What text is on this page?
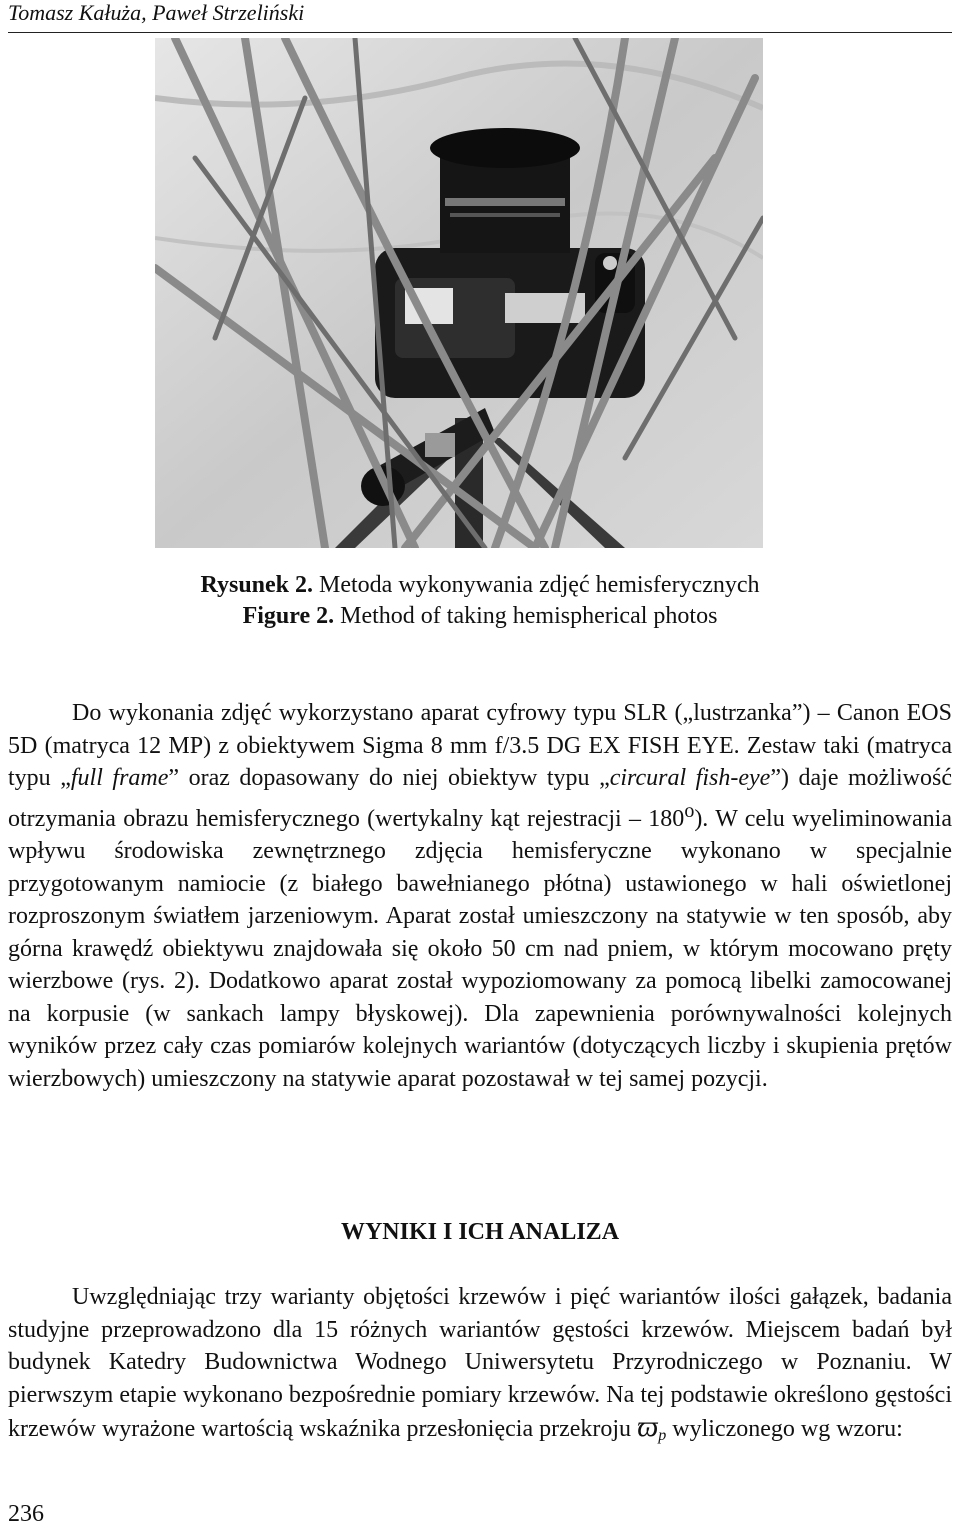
Tomasz Kałuża, Paweł Strzeliński
Rysunek 2. Metoda wykonywania zdjęć hemisferycznych
Figure 2. Method of taking hemispherical photos

Do wykonania zdjęć wykorzystano aparat cyfrowy typu SLR („lustrzanka”) – Canon EOS 5D (matryca 12 MP) z obiektywem Sigma 8 mm f/3.5 DG EX FISH EYE. Zestaw taki (matryca typu „full frame” oraz dopasowany do niej obiektyw typu „circural fish-eye”) daje możliwość otrzymania obrazu hemisferycznego (wertykalny kąt rejestracji – 180$^o$). W celu wyeliminowania wpływu środowiska zewnętrznego zdjęcia hemisferyczne wykonano w specjalnie przygotowanym namiocie (z białego bawełnianego płótna) ustawionego w hali oświetlonej rozproszonym światłem jarzeniowym. Aparat został umieszczony na statywie w ten sposób, aby górna krawędź obiektywu znajdowała się około 50 cm nad pniem, w którym mocowano pręty wierzbowe (rys. 2). Dodatkowo aparat został wypoziomowany za pomocą libelki zamocowanej na korpusie (w sankach lampy błyskowej). Dla zapewnienia porównywalności kolejnych wyników przez cały czas pomiarów kolejnych wariantów (dotyczących liczby i skupienia prętów wierzbowych) umieszczony na statywie aparat pozostawał w tej samej pozycji.

WYNIKI I ICH ANALIZA

Uwzględniając trzy warianty objętości krzewów i pięć wariantów ilości gałązek, badania studyjne przeprowadzono dla 15 różnych wariantów gęstości krzewów. Miejscem badań był budynek Katedry Budownictwa Wodnego Uniwersytetu Przyrodniczego w Poznaniu. W pierwszym etapie wykonano bezpośrednie pomiary krzewów. Na tej podstawie określono gęstości krzewów wyrażone wartością wskaźnika przesłonięcia przekroju $ϖ_p$ wyliczonego wg wzoru:

236
